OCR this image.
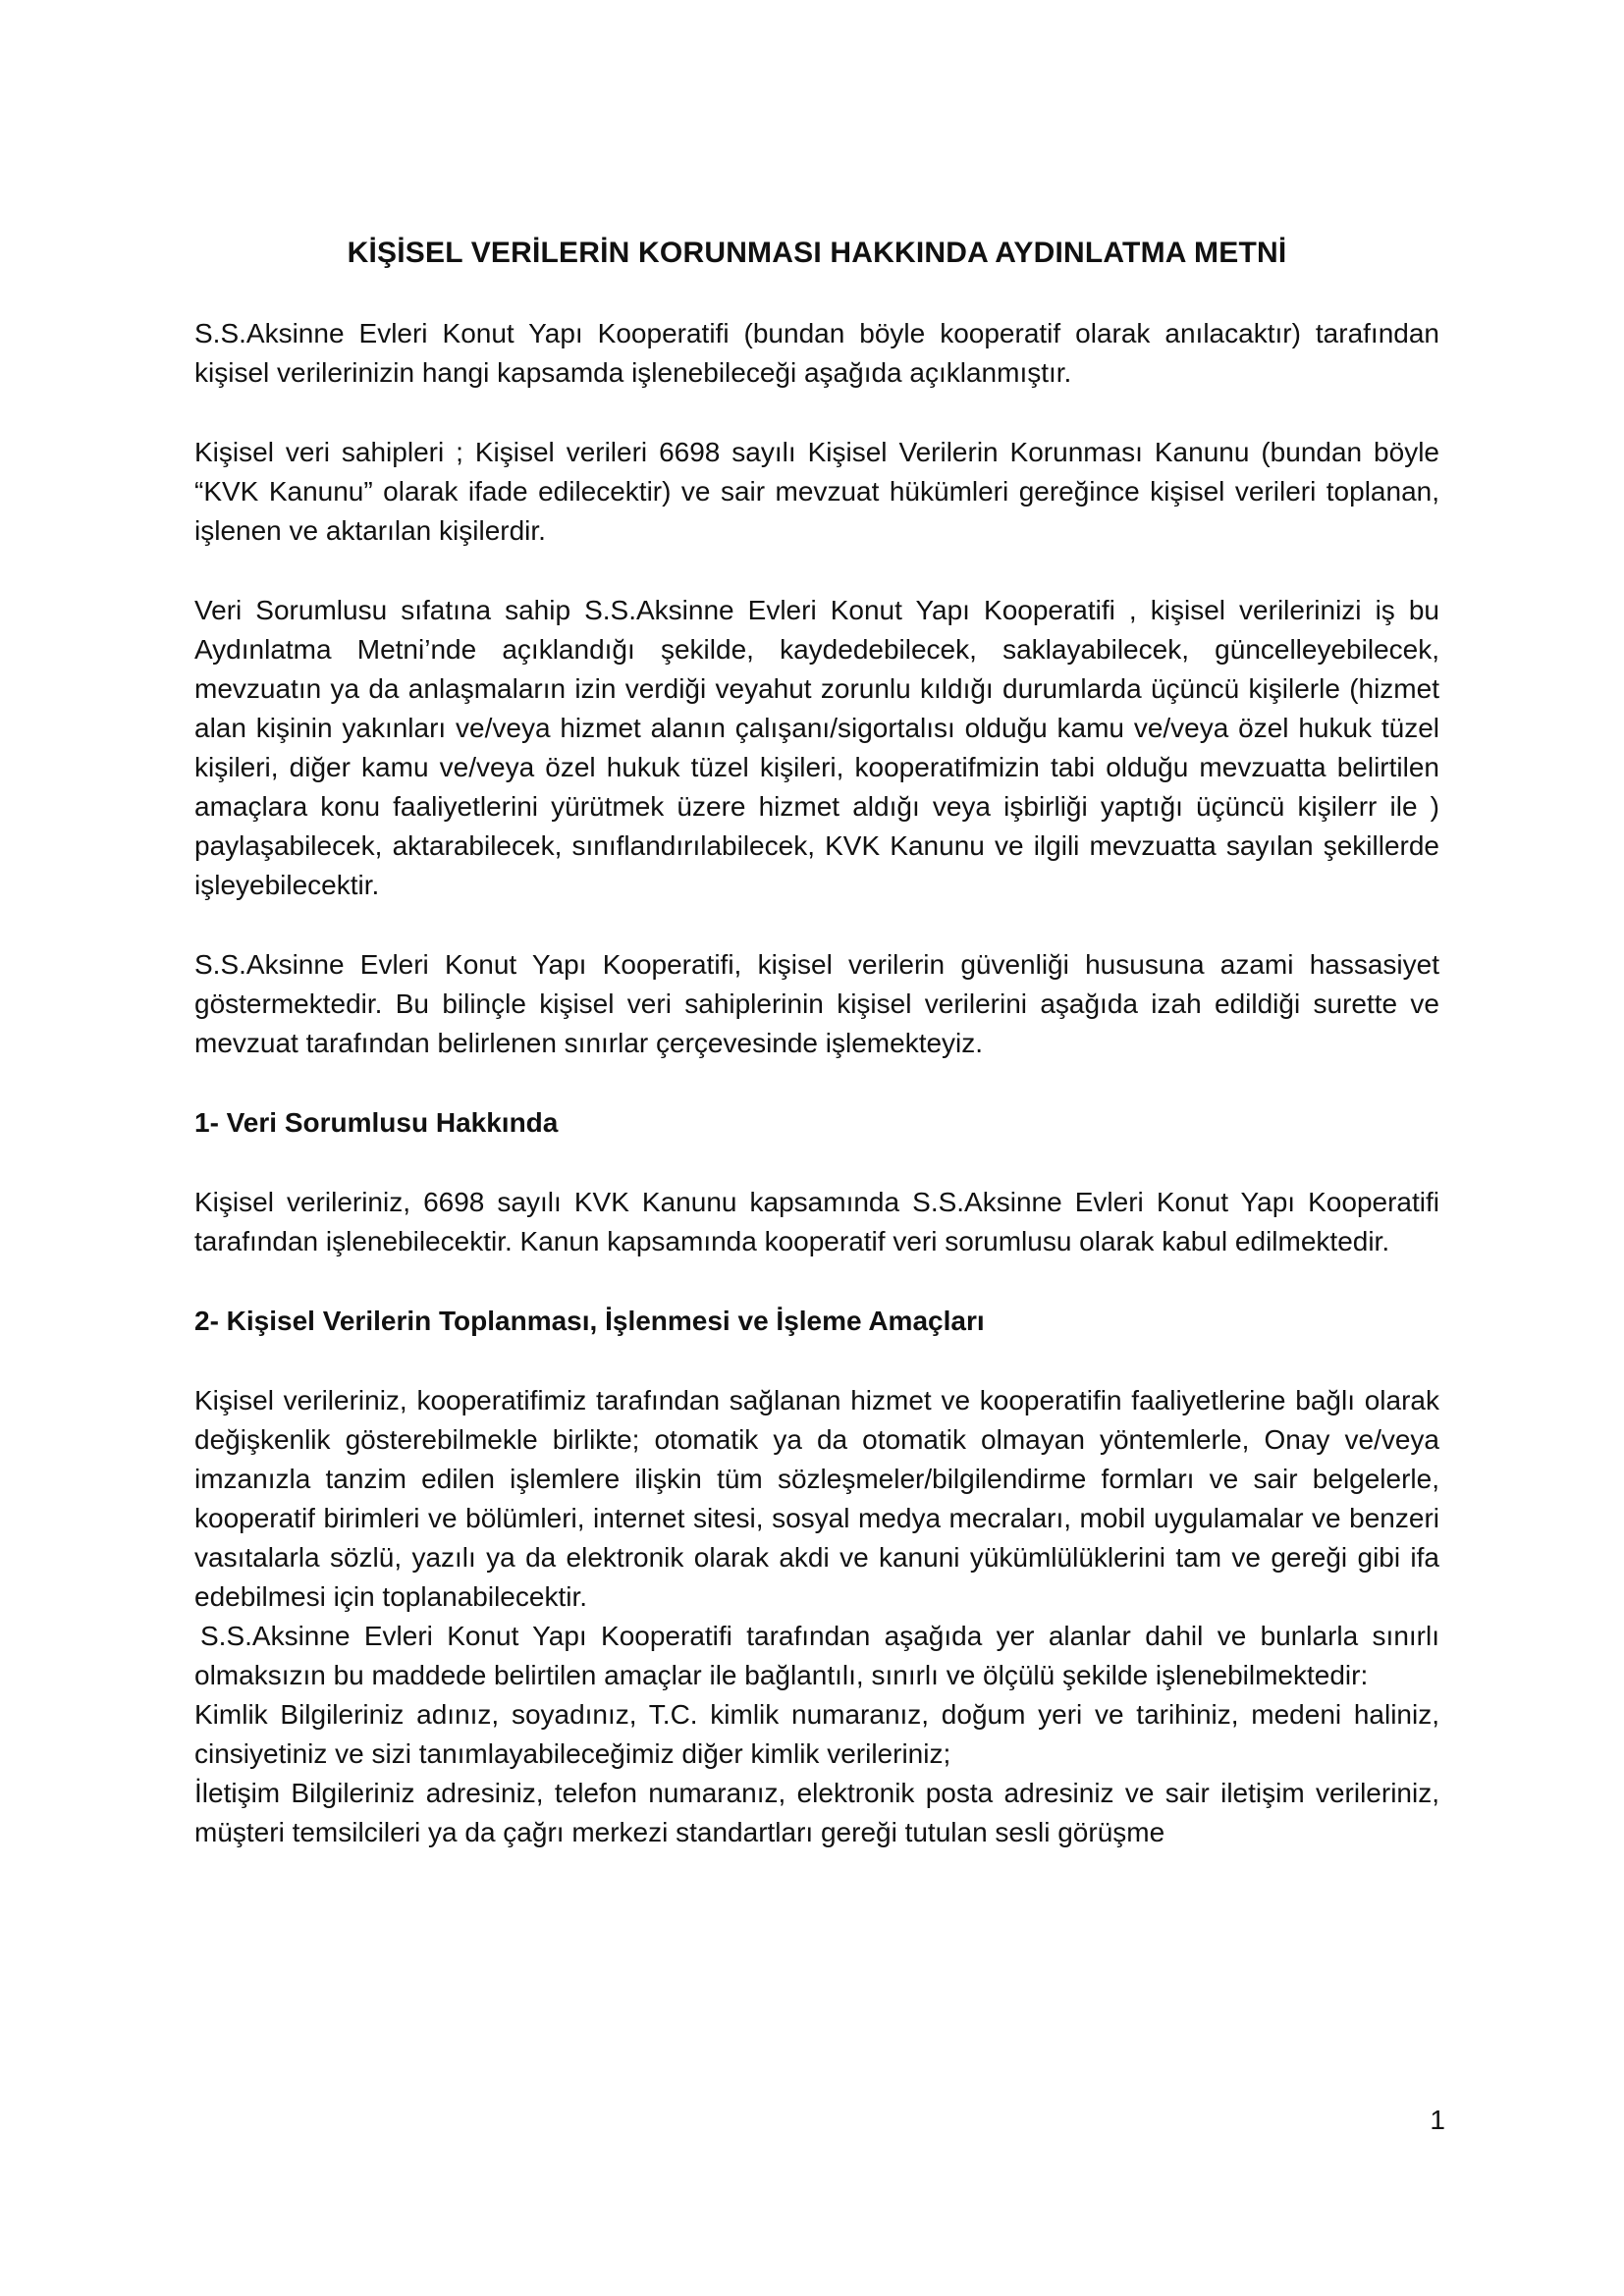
KİŞİSEL VERİLERİN KORUNMASI HAKKINDA AYDINLATMA METNİ

S.S.Aksinne Evleri Konut Yapı Kooperatifi (bundan böyle kooperatif olarak anılacaktır) tarafından kişisel verilerinizin hangi kapsamda işlenebileceği aşağıda açıklanmıştır.

Kişisel veri sahipleri ; Kişisel verileri 6698 sayılı Kişisel Verilerin Korunması Kanunu (bundan böyle “KVK Kanunu” olarak ifade edilecektir) ve sair mevzuat hükümleri gereğince kişisel verileri toplanan, işlenen ve aktarılan kişilerdir.

Veri Sorumlusu sıfatına sahip S.S.Aksinne Evleri Konut Yapı Kooperatifi , kişisel verilerinizi iş bu Aydınlatma Metni’nde açıklandığı şekilde, kaydedebilecek, saklayabilecek, güncelleyebilecek, mevzuatın ya da anlaşmaların izin verdiği veyahut zorunlu kıldığı durumlarda üçüncü kişilerle (hizmet alan kişinin yakınları ve/veya hizmet alanın çalışanı/sigortalısı olduğu kamu ve/veya özel hukuk tüzel kişileri, diğer kamu ve/veya özel hukuk tüzel kişileri, kooperatifmizin tabi olduğu mevzuatta belirtilen amaçlara konu faaliyetlerini yürütmek üzere hizmet aldığı veya işbirliği yaptığı üçüncü kişilerr ile ) paylaşabilecek, aktarabilecek, sınıflandırılabilecek, KVK Kanunu ve ilgili mevzuatta sayılan şekillerde işleyebilecektir.

S.S.Aksinne Evleri Konut Yapı Kooperatifi, kişisel verilerin güvenliği hususuna azami hassasiyet göstermektedir. Bu bilinçle kişisel veri sahiplerinin kişisel verilerini aşağıda izah edildiği surette ve mevzuat tarafından belirlenen sınırlar çerçevesinde işlemekteyiz.

1- Veri Sorumlusu Hakkında

Kişisel verileriniz, 6698 sayılı KVK Kanunu kapsamında S.S.Aksinne Evleri Konut Yapı Kooperatifi tarafından işlenebilecektir. Kanun kapsamında kooperatif veri sorumlusu olarak kabul edilmektedir.

2- Kişisel Verilerin Toplanması, İşlenmesi ve İşleme Amaçları

Kişisel verileriniz, kooperatifimiz tarafından sağlanan hizmet ve kooperatifin faaliyetlerine bağlı olarak değişkenlik gösterebilmekle birlikte; otomatik ya da otomatik olmayan yöntemlerle, Onay ve/veya imzanızla tanzim edilen işlemlere ilişkin tüm sözleşmeler/bilgilendirme formları ve sair belgelerle, kooperatif birimleri ve bölümleri, internet sitesi, sosyal medya mecraları, mobil uygulamalar ve benzeri vasıtalarla sözlü, yazılı ya da elektronik olarak akdi ve kanuni yükümlülüklerini tam ve gereği gibi ifa edebilmesi için toplanabilecektir.

S.S.Aksinne Evleri Konut Yapı Kooperatifi tarafından aşağıda yer alanlar dahil ve bunlarla sınırlı olmaksızın bu maddede belirtilen amaçlar ile bağlantılı, sınırlı ve ölçülü şekilde işlenebilmektedir:

Kimlik Bilgileriniz adınız, soyadınız, T.C. kimlik numaranız, doğum yeri ve tarihiniz, medeni haliniz, cinsiyetiniz ve sizi tanımlayabileceğimiz diğer kimlik verileriniz;

İletişim Bilgileriniz adresiniz, telefon numaranız, elektronik posta adresiniz ve sair iletişim verileriniz, müşteri temsilcileri ya da çağrı merkezi standartları gereği tutulan sesli görüşme

1
